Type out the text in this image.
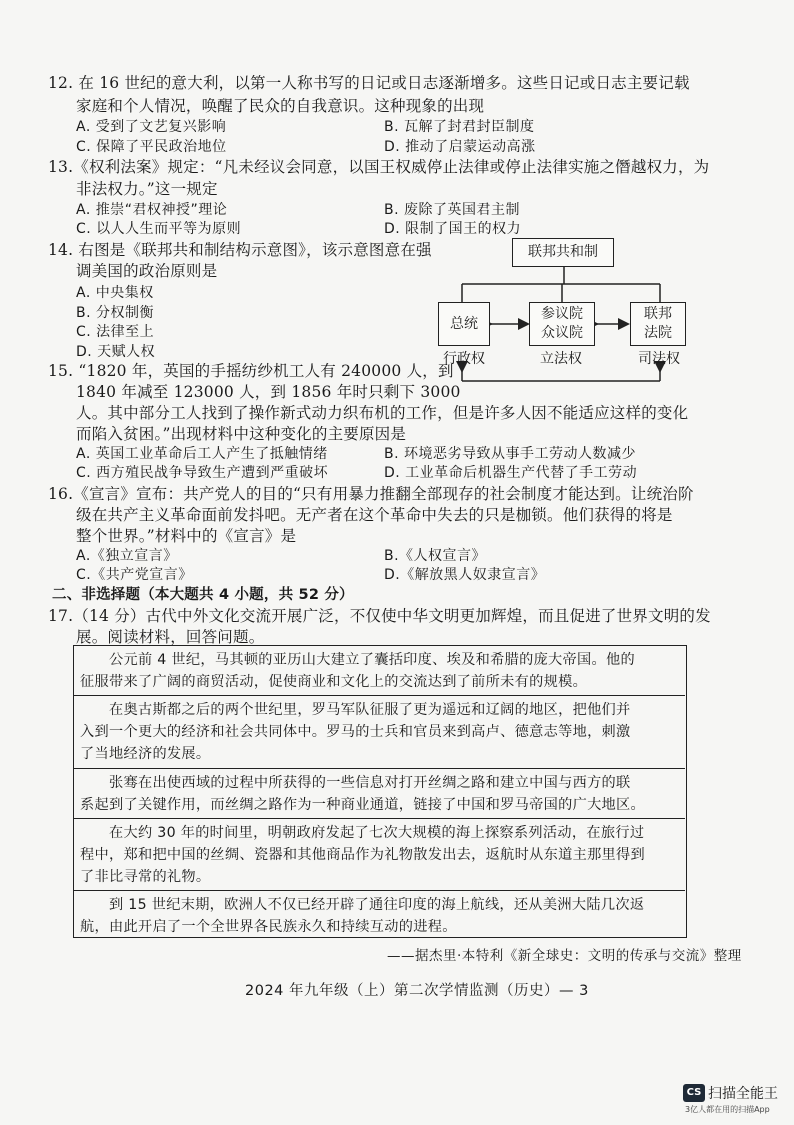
12. 在 16 世纪的意大利，以第一人称书写的日记或日志逐渐增多。这些日记或日志主要记载
家庭和个人情况，唤醒了民众的自我意识。这种现象的出现
A. 受到了文艺复兴影响	B. 瓦解了封君封臣制度
C. 保障了平民政治地位	D. 推动了启蒙运动高涨
13.《权利法案》规定：“凡未经议会同意，以国王权威停止法律或停止法律实施之僭越权力，为
非法权力。”这一规定
A. 推崇“君权神授”理论	B. 废除了英国君主制
C. 以人人生而平等为原则	D. 限制了国王的权力
14. 右图是《联邦共和制结构示意图》，该示意图意在强
调美国的政治原则是
A. 中央集权
B. 分权制衡
C. 法律至上
D. 天赋人权
联邦共和制
总统
参议院
众议院
联邦
法院
行政权	立法权	司法权
15. “1820 年，英国的手摇纺纱机工人有 240000 人，到
1840 年减至 123000 人，到 1856 年时只剩下 3000
人。其中部分工人找到了操作新式动力织布机的工作，但是许多人因不能适应这样的变化
而陷入贫困。”出现材料中这种变化的主要原因是
A. 英国工业革命后工人产生了抵触情绪	B. 环境恶劣导致从事手工劳动人数减少
C. 西方殖民战争导致生产遭到严重破坏	D. 工业革命后机器生产代替了手工劳动
16.《宣言》宣布：共产党人的目的“只有用暴力推翻全部现存的社会制度才能达到。让统治阶
级在共产主义革命面前发抖吧。无产者在这个革命中失去的只是枷锁。他们获得的将是
整个世界。”材料中的《宣言》是
A.《独立宣言》	B.《人权宣言》
C.《共产党宣言》	D.《解放黑人奴隶宣言》
二、非选择题（本大题共 4 小题，共 52 分）
17.（14 分）古代中外文化交流开展广泛，不仅使中华文明更加辉煌，而且促进了世界文明的发
展。阅读材料，回答问题。
　　公元前 4 世纪，马其顿的亚历山大建立了囊括印度、埃及和希腊的庞大帝国。他的
征服带来了广阔的商贸活动，促使商业和文化上的交流达到了前所未有的规模。
　　在奥古斯都之后的两个世纪里，罗马军队征服了更为遥远和辽阔的地区，把他们并
入到一个更大的经济和社会共同体中。罗马的士兵和官员来到高卢、德意志等地，刺激
了当地经济的发展。
　　张骞在出使西域的过程中所获得的一些信息对打开丝绸之路和建立中国与西方的联
系起到了关键作用，而丝绸之路作为一种商业通道，链接了中国和罗马帝国的广大地区。
　　在大约 30 年的时间里，明朝政府发起了七次大规模的海上探察系列活动，在旅行过
程中，郑和把中国的丝绸、瓷器和其他商品作为礼物散发出去，返航时从东道主那里得到
了非比寻常的礼物。
　　到 15 世纪末期，欧洲人不仅已经开辟了通往印度的海上航线，还从美洲大陆几次返
航，由此开启了一个全世界各民族永久和持续互动的进程。
——据杰里·本特利《新全球史：文明的传承与交流》整理
2024 年九年级（上）第二次学情监测（历史）— 3
CS 扫描全能王
3亿人都在用的扫描App
